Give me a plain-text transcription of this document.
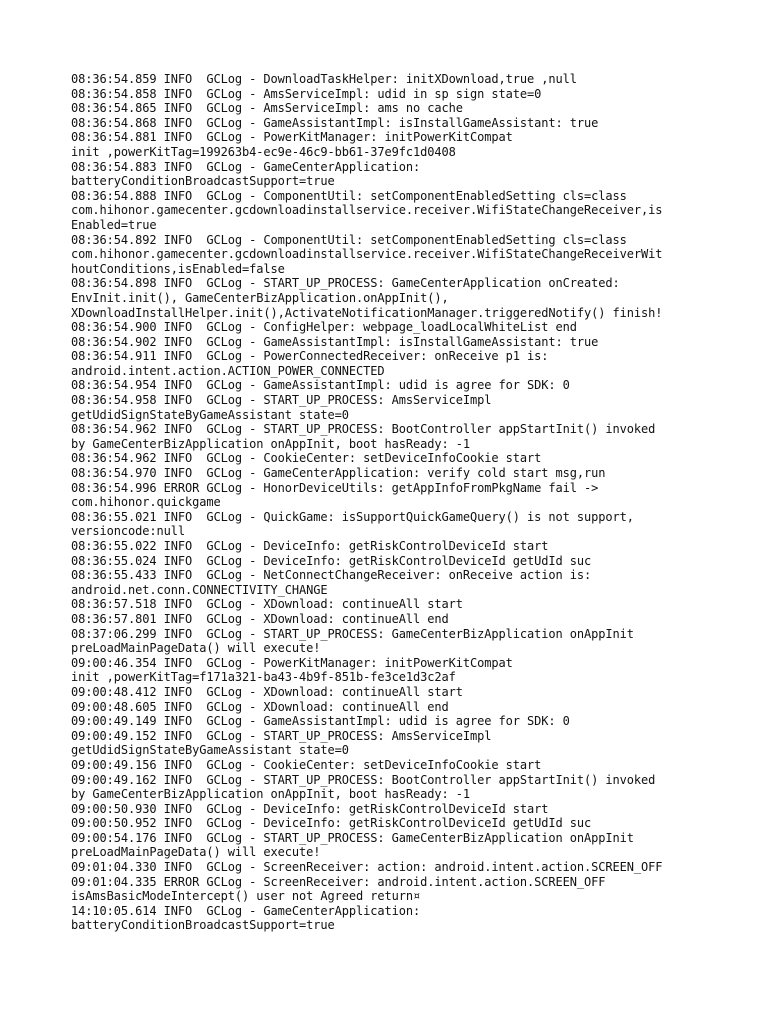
08:36:54.859 INFO  GCLog - DownloadTaskHelper: initXDownload,true ,null
08:36:54.858 INFO  GCLog - AmsServiceImpl: udid in sp sign state=0
08:36:54.865 INFO  GCLog - AmsServiceImpl: ams no cache
08:36:54.868 INFO  GCLog - GameAssistantImpl: isInstallGameAssistant: true
08:36:54.881 INFO  GCLog - PowerKitManager: initPowerKitCompat
init ,powerKitTag=199263b4-ec9e-46c9-bb61-37e9fc1d0408
08:36:54.883 INFO  GCLog - GameCenterApplication:
batteryConditionBroadcastSupport=true
08:36:54.888 INFO  GCLog - ComponentUtil: setComponentEnabledSetting cls=class
com.hihonor.gamecenter.gcdownloadinstallservice.receiver.WifiStateChangeReceiver,is
Enabled=true
08:36:54.892 INFO  GCLog - ComponentUtil: setComponentEnabledSetting cls=class
com.hihonor.gamecenter.gcdownloadinstallservice.receiver.WifiStateChangeReceiverWit
houtConditions,isEnabled=false
08:36:54.898 INFO  GCLog - START_UP_PROCESS: GameCenterApplication onCreated:
EnvInit.init(), GameCenterBizApplication.onAppInit(),
XDownloadInstallHelper.init(),ActivateNotificationManager.triggeredNotify() finish!
08:36:54.900 INFO  GCLog - ConfigHelper: webpage_loadLocalWhiteList end
08:36:54.902 INFO  GCLog - GameAssistantImpl: isInstallGameAssistant: true
08:36:54.911 INFO  GCLog - PowerConnectedReceiver: onReceive p1 is:
android.intent.action.ACTION_POWER_CONNECTED
08:36:54.954 INFO  GCLog - GameAssistantImpl: udid is agree for SDK: 0
08:36:54.958 INFO  GCLog - START_UP_PROCESS: AmsServiceImpl
getUdidSignStateByGameAssistant state=0
08:36:54.962 INFO  GCLog - START_UP_PROCESS: BootController appStartInit() invoked
by GameCenterBizApplication onAppInit, boot hasReady: -1
08:36:54.962 INFO  GCLog - CookieCenter: setDeviceInfoCookie start
08:36:54.970 INFO  GCLog - GameCenterApplication: verify cold start msg,run
08:36:54.996 ERROR GCLog - HonorDeviceUtils: getAppInfoFromPkgName fail ->
com.hihonor.quickgame
08:36:55.021 INFO  GCLog - QuickGame: isSupportQuickGameQuery() is not support,
versioncode:null
08:36:55.022 INFO  GCLog - DeviceInfo: getRiskControlDeviceId start
08:36:55.024 INFO  GCLog - DeviceInfo: getRiskControlDeviceId getUdId suc
08:36:55.433 INFO  GCLog - NetConnectChangeReceiver: onReceive action is:
android.net.conn.CONNECTIVITY_CHANGE
08:36:57.518 INFO  GCLog - XDownload: continueAll start
08:36:57.801 INFO  GCLog - XDownload: continueAll end
08:37:06.299 INFO  GCLog - START_UP_PROCESS: GameCenterBizApplication onAppInit
preLoadMainPageData() will execute!
09:00:46.354 INFO  GCLog - PowerKitManager: initPowerKitCompat
init ,powerKitTag=f171a321-ba43-4b9f-851b-fe3ce1d3c2af
09:00:48.412 INFO  GCLog - XDownload: continueAll start
09:00:48.605 INFO  GCLog - XDownload: continueAll end
09:00:49.149 INFO  GCLog - GameAssistantImpl: udid is agree for SDK: 0
09:00:49.152 INFO  GCLog - START_UP_PROCESS: AmsServiceImpl
getUdidSignStateByGameAssistant state=0
09:00:49.156 INFO  GCLog - CookieCenter: setDeviceInfoCookie start
09:00:49.162 INFO  GCLog - START_UP_PROCESS: BootController appStartInit() invoked
by GameCenterBizApplication onAppInit, boot hasReady: -1
09:00:50.930 INFO  GCLog - DeviceInfo: getRiskControlDeviceId start
09:00:50.952 INFO  GCLog - DeviceInfo: getRiskControlDeviceId getUdId suc
09:00:54.176 INFO  GCLog - START_UP_PROCESS: GameCenterBizApplication onAppInit
preLoadMainPageData() will execute!
09:01:04.330 INFO  GCLog - ScreenReceiver: action: android.intent.action.SCREEN_OFF
09:01:04.335 ERROR GCLog - ScreenReceiver: android.intent.action.SCREEN_OFF
isAmsBasicModeIntercept() user not Agreed return¤
14:10:05.614 INFO  GCLog - GameCenterApplication:
batteryConditionBroadcastSupport=true
